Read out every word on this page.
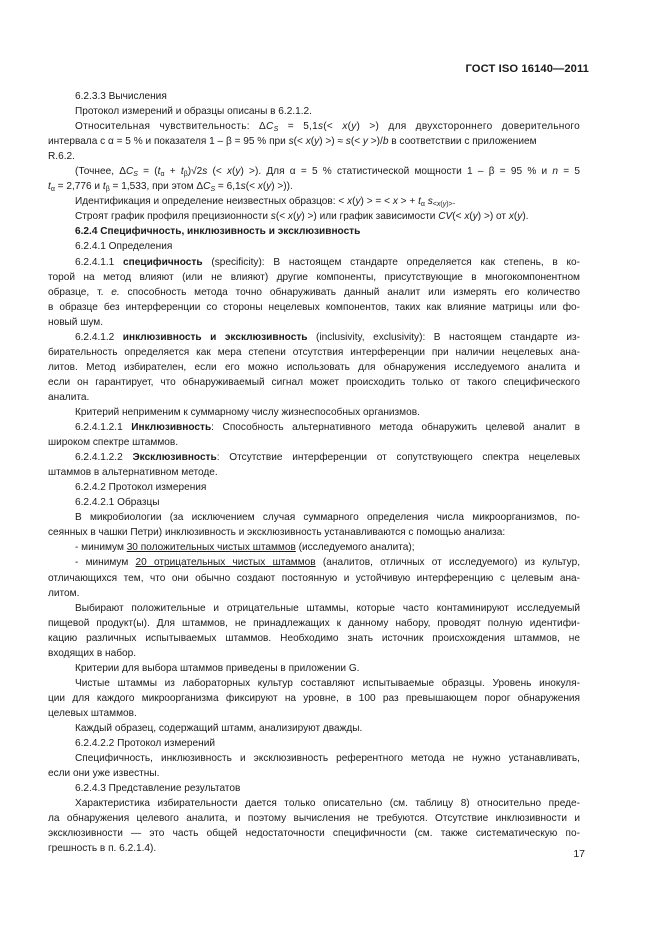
ГОСТ ISO 16140—2011
6.2.3.3 Вычисления
Протокол измерений и образцы описаны в 6.2.1.2.
Относительная чувствительность: $\Delta C_S = 5,1s(< x(y)$ >) для двухстороннего доверительного
интервала с α = 5 % и показателя 1 – β = 95 % при s(< x(y) >) ≈ s(< y >)/b в соответствии с приложением
R.6.2.
(Точнее, $\Delta C_S = (t_\alpha + t_\beta)√2s$ (< x(y) >). Для α = 5 % статистической мощности 1 – β = 95 % и n = 5
$t_\alpha = 2,776$ и $t_\beta = 1,533$, при этом $\Delta C_S = 6,1s(< x(y)$ >)).
Идентификация и определение неизвестных образцов: < x(y) > = < x > + $t_\alpha$ $s_{<x(y)>}$.
Строят график профиля прецизионности s(< x(y) >) или график зависимости CV(< x(y) >) от x(y).
6.2.4 Специфичность, инклюзивность и эксклюзивность
6.2.4.1 Определения
6.2.4.1.1 специфичность (specificity): В настоящем стандарте определяется как степень, в ко-
торой на метод влияют (или не влияют) другие компоненты, присутствующие в многокомпонентном
образце, т. е. способность метода точно обнаруживать данный аналит или измерять его количество
в образце без интерференции со стороны нецелевых компонентов, таких как влияние матрицы или фо-
новый шум.
6.2.4.1.2 инклюзивность и эксклюзивность (inclusivity, exclusivity): В настоящем стандарте из-
бирательность определяется как мера степени отсутствия интерференции при наличии нецелевых ана-
литов. Метод избирателен, если его можно использовать для обнаружения исследуемого аналита и
если он гарантирует, что обнаруживаемый сигнал может происходить только от такого специфического
аналита.
Критерий неприменим к суммарному числу жизнеспособных организмов.
6.2.4.1.2.1 Инклюзивность: Способность альтернативного метода обнаружить целевой аналит в
широком спектре штаммов.
6.2.4.1.2.2 Эксклюзивность: Отсутствие интерференции от сопутствующего спектра нецелевых
штаммов в альтернативном методе.
6.2.4.2 Протокол измерения
6.2.4.2.1 Образцы
В микробиологии (за исключением случая суммарного определения числа микроорганизмов, по-
сеянных в чашки Петри) инклюзивность и эксклюзивность устанавливаются с помощью анализа:
- минимум 30 положительных чистых штаммов (исследуемого аналита);
- минимум 20 отрицательных чистых штаммов (аналитов, отличных от исследуемого) из культур,
отличающихся тем, что они обычно создают постоянную и устойчивую интерференцию с целевым ана-
литом.
Выбирают положительные и отрицательные штаммы, которые часто контаминируют исследуемый
пищевой продукт(ы). Для штаммов, не принадлежащих к данному набору, проводят полную идентифи-
кацию различных испытываемых штаммов. Необходимо знать источник происхождения штаммов, не
входящих в набор.
Критерии для выбора штаммов приведены в приложении G.
Чистые штаммы из лабораторных культур составляют испытываемые образцы. Уровень инокуля-
ции для каждого микроорганизма фиксируют на уровне, в 100 раз превышающем порог обнаружения
целевых штаммов.
Каждый образец, содержащий штамм, анализируют дважды.
6.2.4.2.2 Протокол измерений
Специфичность, инклюзивность и эксклюзивность референтного метода не нужно устанавливать,
если они уже известны.
6.2.4.3 Представление результатов
Характеристика избирательности дается только описательно (см. таблицу 8) относительно преде-
ла обнаружения целевого аналита, и поэтому вычисления не требуются. Отсутствие инклюзивности и
эксклюзивности — это часть общей недостаточности специфичности (см. также систематическую по-
грешность в п. 6.2.1.4).	17
